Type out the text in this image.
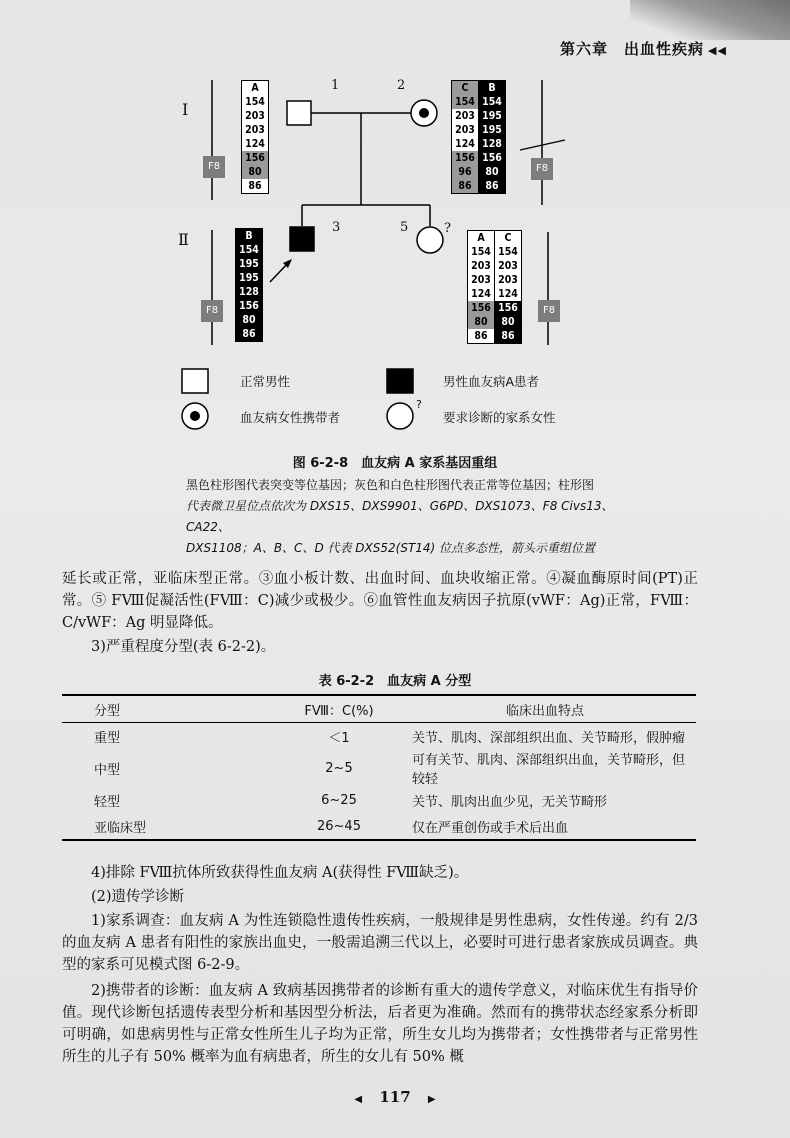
第六章　出血性疾病 ◀◀
Ⅰ
Ⅱ
1	2
3	5	?
A
154
203
203
124
156
80
86
F8
C
154
203
203
124
156
96
86
B
154
195
195
128
156
80
86
F8
B
154
195
195
128
156
80
86
F8
A
154
203
203
124
156
80
86
C
154
203
203
124
156
80
86
F8
正常男性	男性血友病A患者
血友病女性携带者
?
要求诊断的家系女性
图 6-2-8　血友病 A 家系基因重组
黑色柱形图代表突变等位基因；灰色和白色柱形图代表正常等位基因；柱形图
代表微卫星位点依次为 DXS15、DXS9901、G6PD、DXS1073、F8 Civs13、CA22、
DXS1108；A、B、C、D 代表 DXS52(ST14) 位点多态性，箭头示重组位置
延长或正常，亚临床型正常。③血小板计数、出血时间、血块收缩正常。④凝血酶原时间(PT)正常。⑤ FⅧ促凝活性(FⅧ：C)减少或极少。⑥血管性血友病因子抗原(vWF：Ag)正常，FⅧ：C/vWF：Ag 明显降低。
3)严重程度分型(表 6-2-2)。
表 6-2-2　血友病 A 分型
分型	FⅧ：C(%)	临床出血特点
重型	＜1	关节、肌肉、深部组织出血、关节畸形，假肿瘤
中型	2~5	可有关节、肌肉、深部组织出血，关节畸形，但较轻
轻型	6~25	关节、肌肉出血少见，无关节畸形
亚临床型	26~45	仅在严重创伤或手术后出血
4)排除 FⅧ抗体所致获得性血友病 A(获得性 FⅧ缺乏)。
(2)遗传学诊断
1)家系调查：血友病 A 为性连锁隐性遗传性疾病，一般规律是男性患病，女性传递。约有 2/3 的血友病 A 患者有阳性的家族出血史，一般需追溯三代以上，必要时可进行患者家族成员调查。典型的家系可见模式图 6-2-9。
2)携带者的诊断：血友病 A 致病基因携带者的诊断有重大的遗传学意义，对临床优生有指导价值。现代诊断包括遗传表型分析和基因型分析法，后者更为准确。然而有的携带状态经家系分析即可明确，如患病男性与正常女性所生儿子均为正常，所生女儿均为携带者；女性携带者与正常男性所生的儿子有 50% 概率为血有病患者，所生的女儿有 50% 概
◀ 117 ▶
